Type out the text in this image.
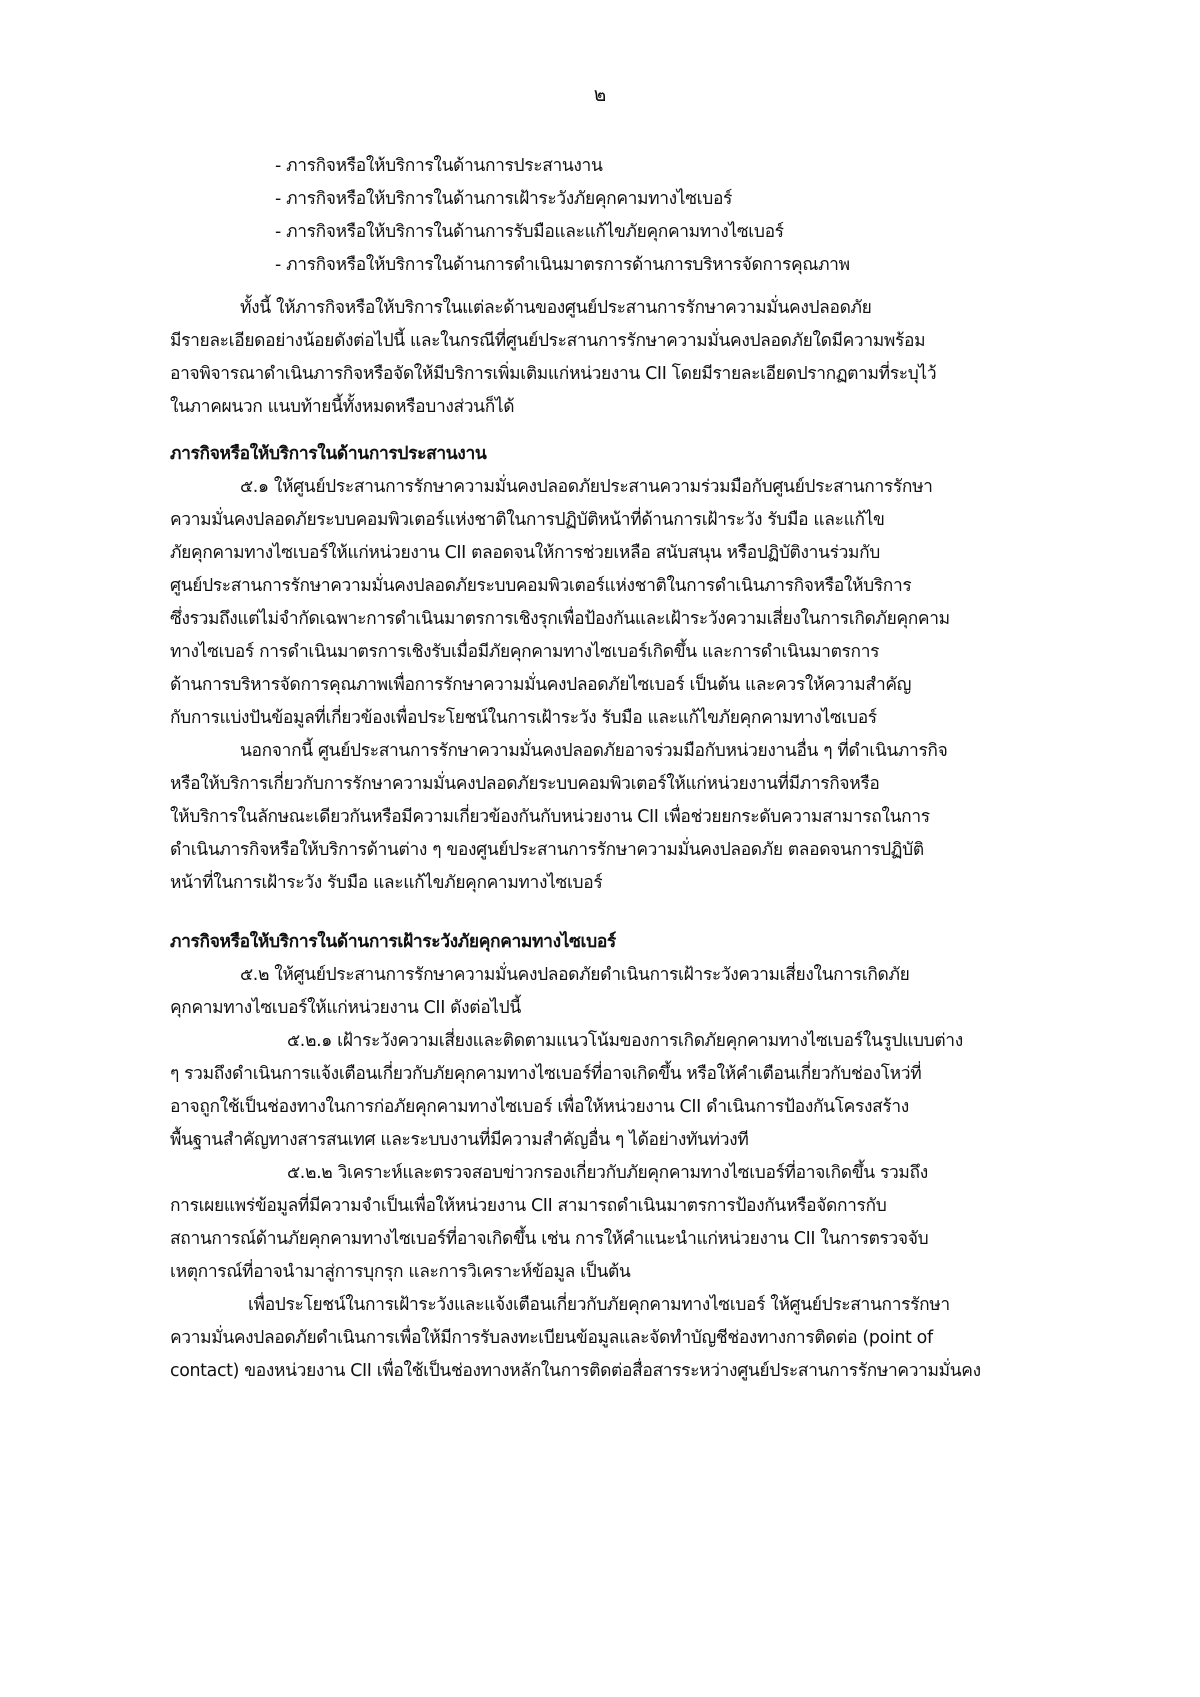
๒
- ภารกิจหรือให้บริการในด้านการประสานงาน
- ภารกิจหรือให้บริการในด้านการเฝ้าระวังภัยคุกคามทางไซเบอร์
- ภารกิจหรือให้บริการในด้านการรับมือและแก้ไขภัยคุกคามทางไซเบอร์
- ภารกิจหรือให้บริการในด้านการดำเนินมาตรการด้านการบริหารจัดการคุณภาพ
ทั้งนี้ ให้ภารกิจหรือให้บริการในแต่ละด้านของศูนย์ประสานการรักษาความมั่นคงปลอดภัย
มีรายละเอียดอย่างน้อยดังต่อไปนี้ และในกรณีที่ศูนย์ประสานการรักษาความมั่นคงปลอดภัยใดมีความพร้อม
อาจพิจารณาดำเนินภารกิจหรือจัดให้มีบริการเพิ่มเติมแก่หน่วยงาน CII โดยมีรายละเอียดปรากฏตามที่ระบุไว้
ในภาคผนวก แนบท้ายนี้ทั้งหมดหรือบางส่วนก็ได้
ภารกิจหรือให้บริการในด้านการประสานงาน
๕.๑ ให้ศูนย์ประสานการรักษาความมั่นคงปลอดภัยประสานความร่วมมือกับศูนย์ประสานการรักษา
ความมั่นคงปลอดภัยระบบคอมพิวเตอร์แห่งชาติในการปฏิบัติหน้าที่ด้านการเฝ้าระวัง รับมือ และแก้ไข
ภัยคุกคามทางไซเบอร์ให้แก่หน่วยงาน CII ตลอดจนให้การช่วยเหลือ สนับสนุน หรือปฏิบัติงานร่วมกับ
ศูนย์ประสานการรักษาความมั่นคงปลอดภัยระบบคอมพิวเตอร์แห่งชาติในการดำเนินภารกิจหรือให้บริการ
ซึ่งรวมถึงแต่ไม่จำกัดเฉพาะการดำเนินมาตรการเชิงรุกเพื่อป้องกันและเฝ้าระวังความเสี่ยงในการเกิดภัยคุกคาม
ทางไซเบอร์ การดำเนินมาตรการเชิงรับเมื่อมีภัยคุกคามทางไซเบอร์เกิดขึ้น และการดำเนินมาตรการ
ด้านการบริหารจัดการคุณภาพเพื่อการรักษาความมั่นคงปลอดภัยไซเบอร์ เป็นต้น และควรให้ความสำคัญ
กับการแบ่งปันข้อมูลที่เกี่ยวข้องเพื่อประโยชน์ในการเฝ้าระวัง รับมือ และแก้ไขภัยคุกคามทางไซเบอร์
นอกจากนี้ ศูนย์ประสานการรักษาความมั่นคงปลอดภัยอาจร่วมมือกับหน่วยงานอื่น ๆ ที่ดำเนินภารกิจ
หรือให้บริการเกี่ยวกับการรักษาความมั่นคงปลอดภัยระบบคอมพิวเตอร์ให้แก่หน่วยงานที่มีภารกิจหรือ
ให้บริการในลักษณะเดียวกันหรือมีความเกี่ยวข้องกันกับหน่วยงาน CII เพื่อช่วยยกระดับความสามารถในการ
ดำเนินภารกิจหรือให้บริการด้านต่าง ๆ ของศูนย์ประสานการรักษาความมั่นคงปลอดภัย ตลอดจนการปฏิบัติ
หน้าที่ในการเฝ้าระวัง รับมือ และแก้ไขภัยคุกคามทางไซเบอร์
ภารกิจหรือให้บริการในด้านการเฝ้าระวังภัยคุกคามทางไซเบอร์
๕.๒ ให้ศูนย์ประสานการรักษาความมั่นคงปลอดภัยดำเนินการเฝ้าระวังความเสี่ยงในการเกิดภัย
คุกคามทางไซเบอร์ให้แก่หน่วยงาน CII ดังต่อไปนี้
๕.๒.๑ เฝ้าระวังความเสี่ยงและติดตามแนวโน้มของการเกิดภัยคุกคามทางไซเบอร์ในรูปแบบต่าง
ๆ รวมถึงดำเนินการแจ้งเตือนเกี่ยวกับภัยคุกคามทางไซเบอร์ที่อาจเกิดขึ้น หรือให้คำเตือนเกี่ยวกับช่องโหว่ที่
อาจถูกใช้เป็นช่องทางในการก่อภัยคุกคามทางไซเบอร์ เพื่อให้หน่วยงาน CII ดำเนินการป้องกันโครงสร้าง
พื้นฐานสำคัญทางสารสนเทศ และระบบงานที่มีความสำคัญอื่น ๆ ได้อย่างทันท่วงที
๕.๒.๒ วิเคราะห์และตรวจสอบข่าวกรองเกี่ยวกับภัยคุกคามทางไซเบอร์ที่อาจเกิดขึ้น รวมถึง
การเผยแพร่ข้อมูลที่มีความจำเป็นเพื่อให้หน่วยงาน CII สามารถดำเนินมาตรการป้องกันหรือจัดการกับ
สถานการณ์ด้านภัยคุกคามทางไซเบอร์ที่อาจเกิดขึ้น เช่น การให้คำแนะนำแก่หน่วยงาน CII ในการตรวจจับ
เหตุการณ์ที่อาจนำมาสู่การบุกรุก และการวิเคราะห์ข้อมูล เป็นต้น
เพื่อประโยชน์ในการเฝ้าระวังและแจ้งเตือนเกี่ยวกับภัยคุกคามทางไซเบอร์ ให้ศูนย์ประสานการรักษา
ความมั่นคงปลอดภัยดำเนินการเพื่อให้มีการรับลงทะเบียนข้อมูลและจัดทำบัญชีช่องทางการติดต่อ (point of
contact) ของหน่วยงาน CII เพื่อใช้เป็นช่องทางหลักในการติดต่อสื่อสารระหว่างศูนย์ประสานการรักษาความมั่นคง
